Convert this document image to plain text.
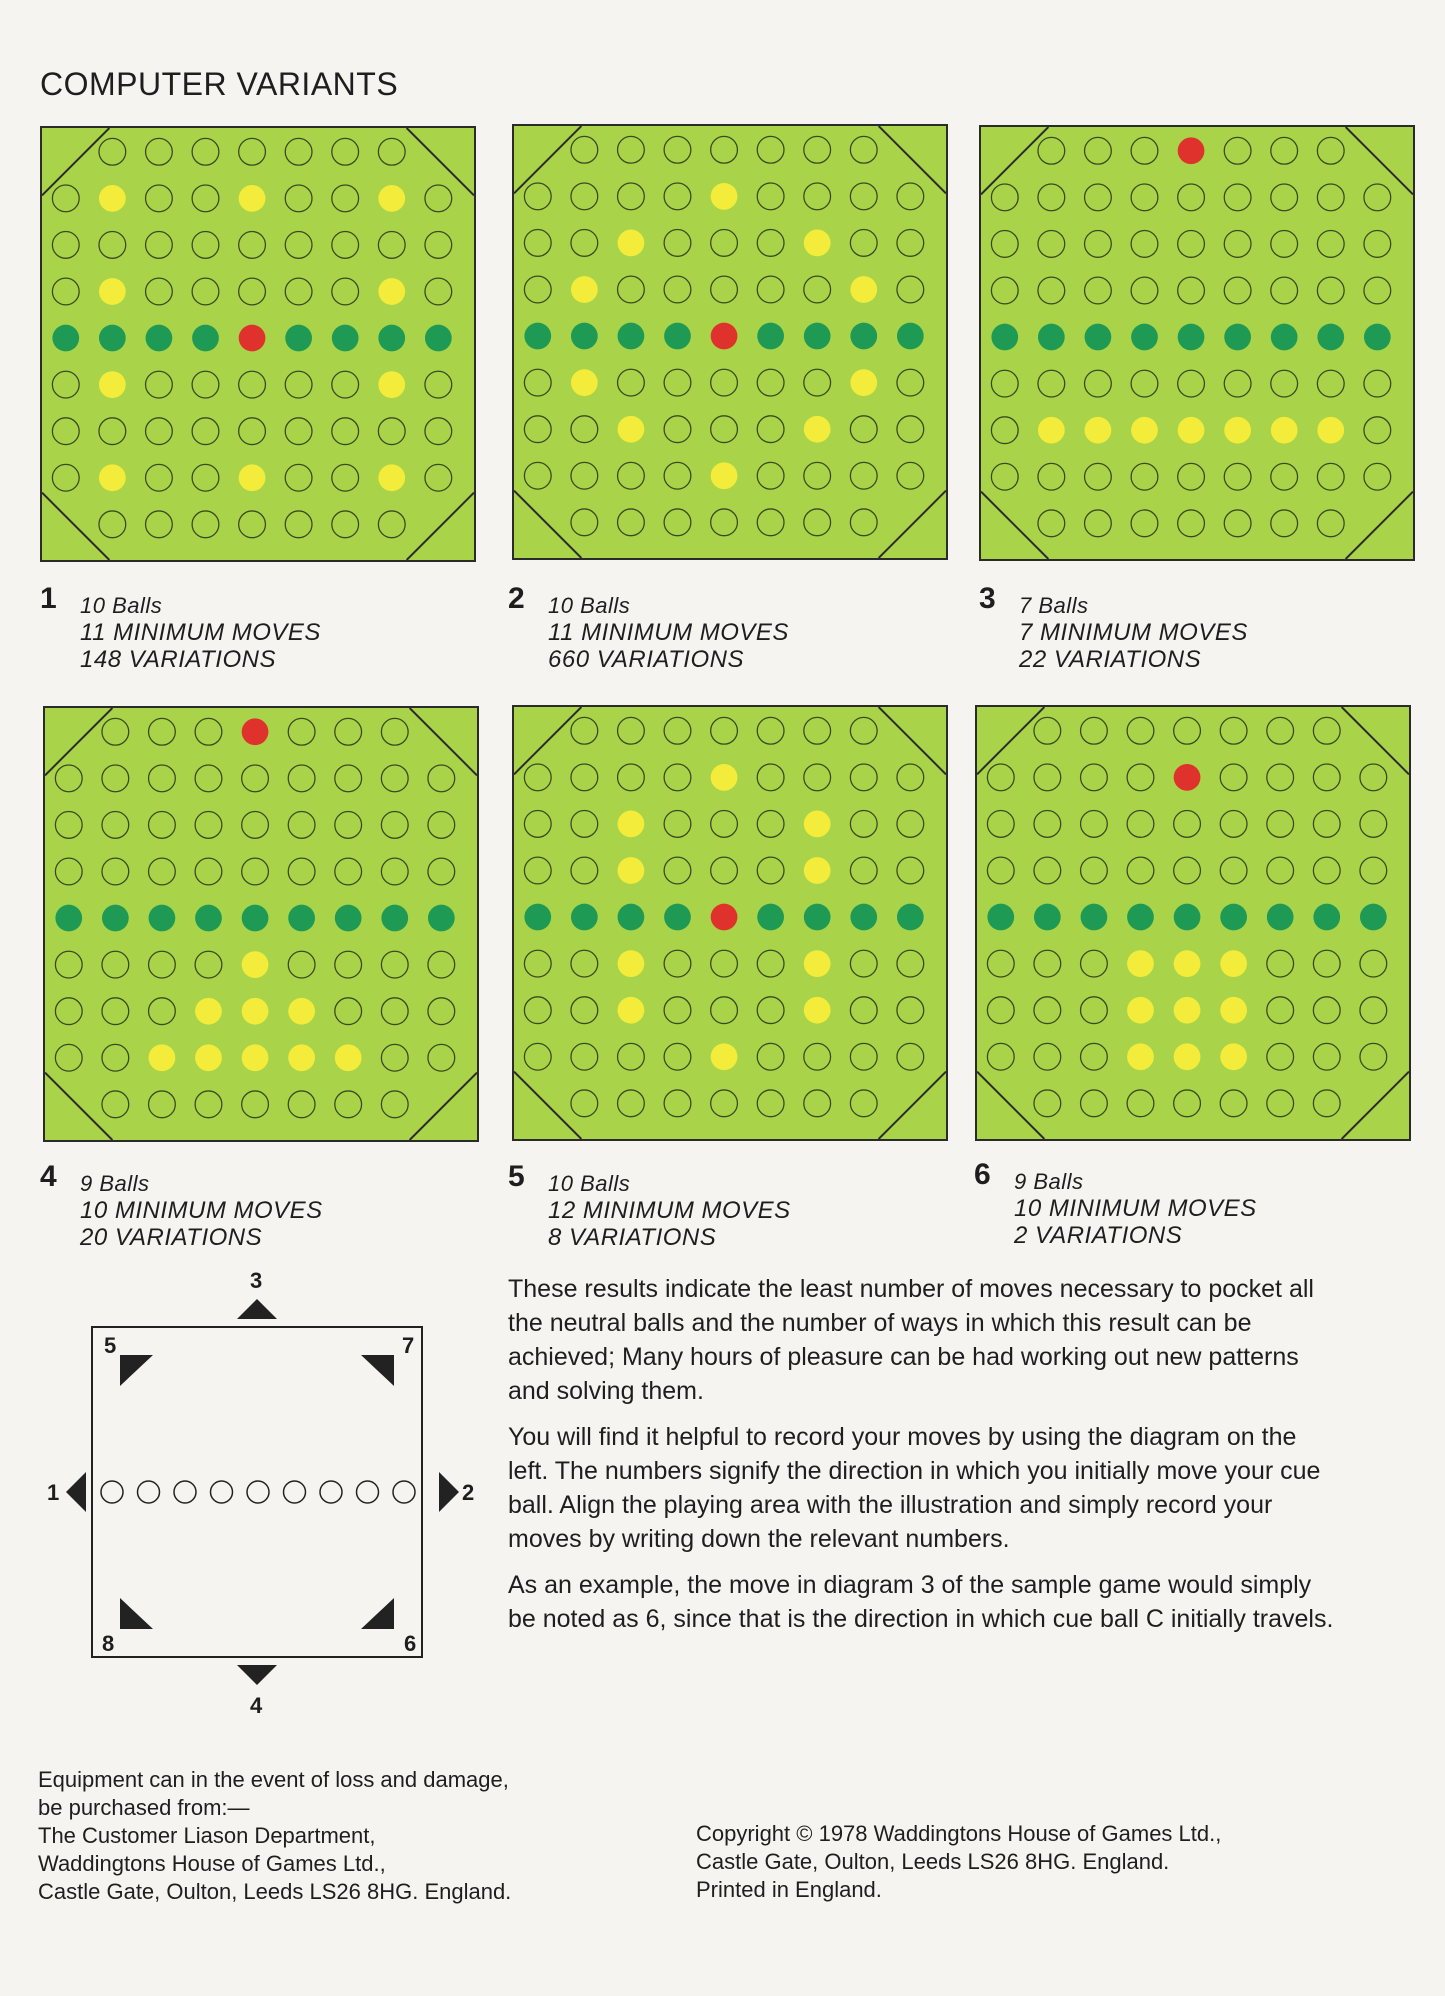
COMPUTER VARIANTS
1 10 Balls
11 MINIMUM MOVES
148 VARIATIONS
2 10 Balls
11 MINIMUM MOVES
660 VARIATIONS
3 7 Balls
7 MINIMUM MOVES
22 VARIATIONS
4 9 Balls
10 MINIMUM MOVES
20 VARIATIONS
5 10 Balls
12 MINIMUM MOVES
8 VARIATIONS
6 9 Balls
10 MINIMUM MOVES
2 VARIATIONS
3
4
1	2
5	7
8	6

These results indicate the least number of moves necessary to pocket all the neutral balls and the number of ways in which this result can be achieved; Many hours of pleasure can be had working out new patterns and solving them.

You will find it helpful to record your moves by using the diagram on the left. The numbers signify the direction in which you initially move your cue ball. Align the playing area with the illustration and simply record your moves by writing down the relevant numbers.

As an example, the move in diagram 3 of the sample game would simply be noted as 6, since that is the direction in which cue ball C initially travels.

Equipment can in the event of loss and damage,
be purchased from:—
The Customer Liason Department,
Waddingtons House of Games Ltd.,
Castle Gate, Oulton, Leeds LS26 8HG. England.
Copyright © 1978 Waddingtons House of Games Ltd.,
Castle Gate, Oulton, Leeds LS26 8HG. England.
Printed in England.
